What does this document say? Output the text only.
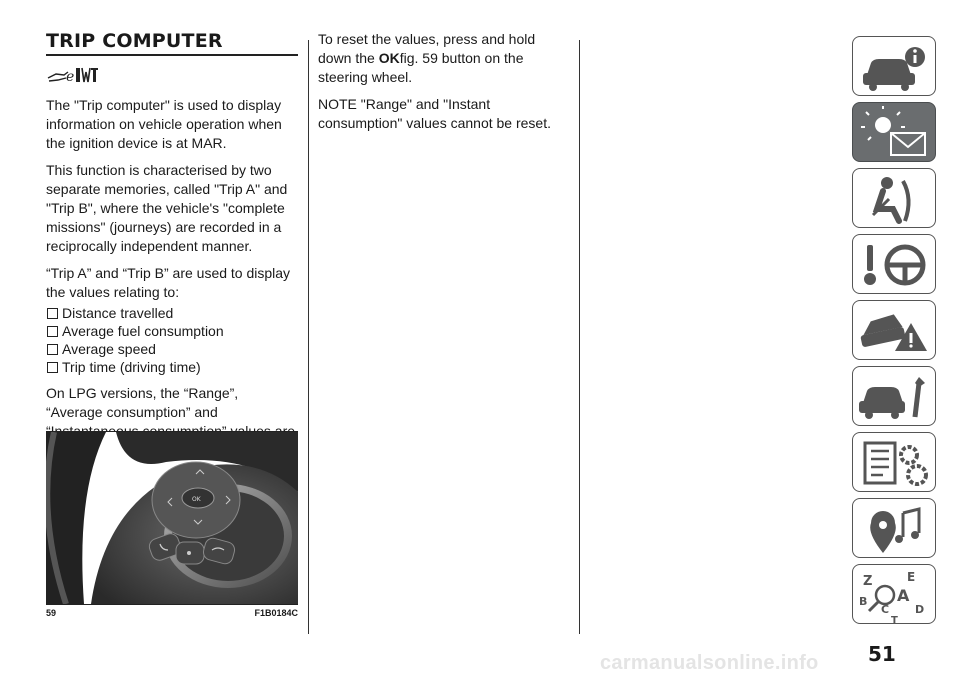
TRIP COMPUTER
e

The "Trip computer" is used to display information on vehicle operation when the ignition device is at MAR.

This function is characterised by two separate memories, called "Trip A" and "Trip B", where the vehicle's "complete missions" (journeys) are recorded in a reciprocally independent manner.

“Trip A” and “Trip B” are used to display the values relating to:

Distance travelled
Average fuel consumption
Average speed
Trip time (driving time)

On LPG versions, the “Range”, “Average consumption” and

OK
59	F1B0184C

To reset the values, press and hold down the OKfig. 59 button on the steering wheel.

NOTE "Range" and "Instant consumption" values cannot be reset.

Z	E
A
B
C D
T
51
carmanualsonline.info
